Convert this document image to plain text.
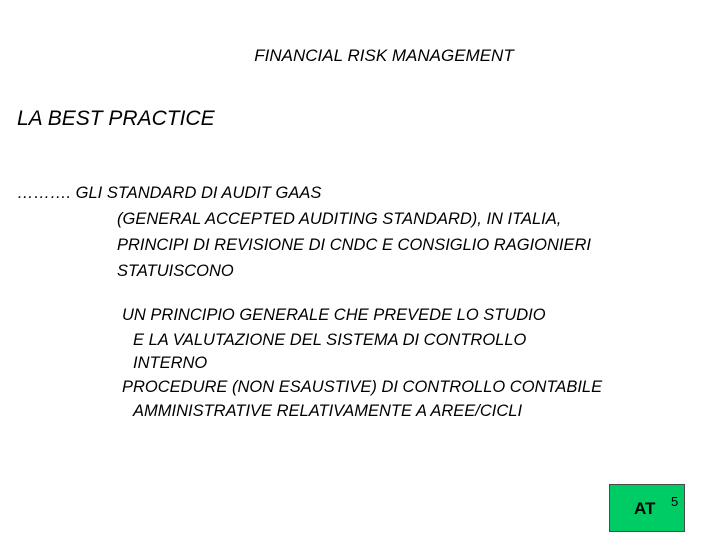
FINANCIAL RISK MANAGEMENT
LA BEST PRACTICE
………. GLI STANDARD DI AUDIT GAAS
(GENERAL ACCEPTED AUDITING STANDARD), IN ITALIA,
PRINCIPI DI REVISIONE DI CNDC E CONSIGLIO RAGIONIERI
STATUISCONO
UN PRINCIPIO GENERALE CHE PREVEDE LO STUDIO
E LA VALUTAZIONE DEL SISTEMA DI CONTROLLO
INTERNO
PROCEDURE (NON ESAUSTIVE) DI CONTROLLO CONTABILE
AMMINISTRATIVE RELATIVAMENTE A AREE/CICLI
AT 5
